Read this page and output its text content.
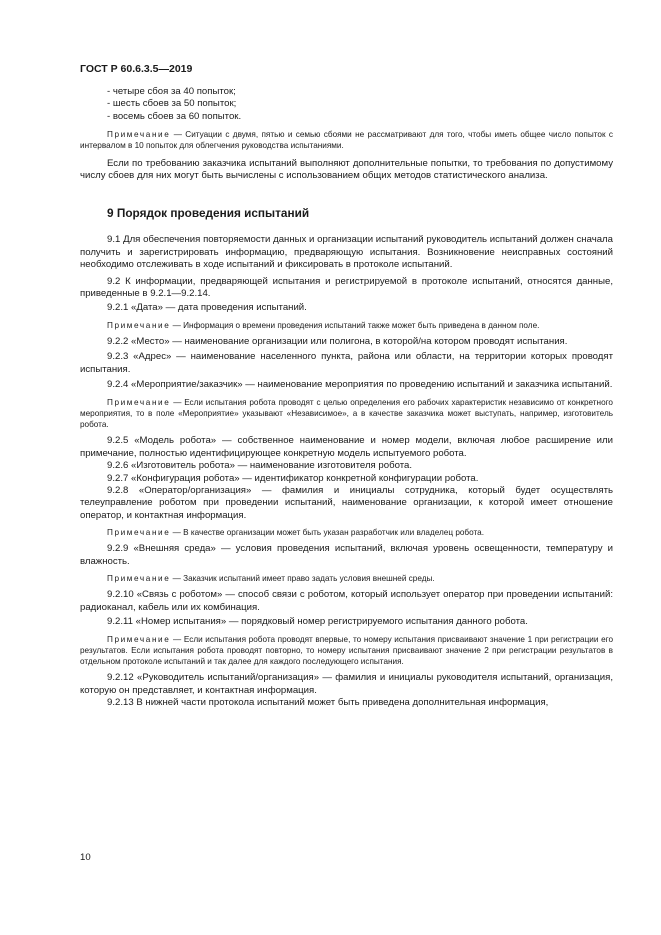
ГОСТ Р 60.6.3.5—2019
- четыре сбоя за 40 попыток;
- шесть сбоев за 50 попыток;
- восемь сбоев за 60 попыток.

Примечание — Ситуации с двумя, пятью и семью сбоями не рассматривают для того, чтобы иметь общее число попыток с интервалом в 10 попыток для облегчения руководства испытаниями.

Если по требованию заказчика испытаний выполняют дополнительные попытки, то требования по допустимому числу сбоев для них могут быть вычислены с использованием общих методов статистического анализа.

9 Порядок проведения испытаний

9.1 Для обеспечения повторяемости данных и организации испытаний руководитель испытаний должен сначала получить и зарегистрировать информацию, предваряющую испытания. Возникновение неисправных состояний необходимо отслеживать в ходе испытаний и фиксировать в протоколе испытаний.

9.2 К информации, предваряющей испытания и регистрируемой в протоколе испытаний, относятся данные, приведенные в 9.2.1—9.2.14.

9.2.1 «Дата» — дата проведения испытаний.

Примечание — Информация о времени проведения испытаний также может быть приведена в данном поле.

9.2.2 «Место» — наименование организации или полигона, в которой/на котором проводят испытания.

9.2.3 «Адрес» — наименование населенного пункта, района или области, на территории которых проводят испытания.

9.2.4 «Мероприятие/заказчик» — наименование мероприятия по проведению испытаний и заказчика испытаний.

Примечание — Если испытания робота проводят с целью определения его рабочих характеристик независимо от конкретного мероприятия, то в поле «Мероприятие» указывают «Независимое», а в качестве заказчика может выступать, например, изготовитель робота.

9.2.5 «Модель робота» — собственное наименование и номер модели, включая любое расширение или примечание, полностью идентифицирующее конкретную модель испытуемого робота.

9.2.6 «Изготовитель робота» — наименование изготовителя робота.

9.2.7 «Конфигурация робота» — идентификатор конкретной конфигурации робота.

9.2.8 «Оператор/организация» — фамилия и инициалы сотрудника, который будет осуществлять телеуправление роботом при проведении испытаний, наименование организации, к которой имеет отношение оператор, и контактная информация.

Примечание — В качестве организации может быть указан разработчик или владелец робота.

9.2.9 «Внешняя среда» — условия проведения испытаний, включая уровень освещенности, температуру и влажность.

Примечание — Заказчик испытаний имеет право задать условия внешней среды.

9.2.10 «Связь с роботом» — способ связи с роботом, который использует оператор при проведении испытаний: радиоканал, кабель или их комбинация.

9.2.11 «Номер испытания» — порядковый номер регистрируемого испытания данного робота.

Примечание — Если испытания робота проводят впервые, то номеру испытания присваивают значение 1 при регистрации его результатов. Если испытания робота проводят повторно, то номеру испытания присваивают значение 2 при регистрации результатов в отдельном протоколе испытаний и так далее для каждого последующего испытания.

9.2.12 «Руководитель испытаний/организация» — фамилия и инициалы руководителя испытаний, организация, которую он представляет, и контактная информация.

9.2.13 В нижней части протокола испытаний может быть приведена дополнительная информация,

10
